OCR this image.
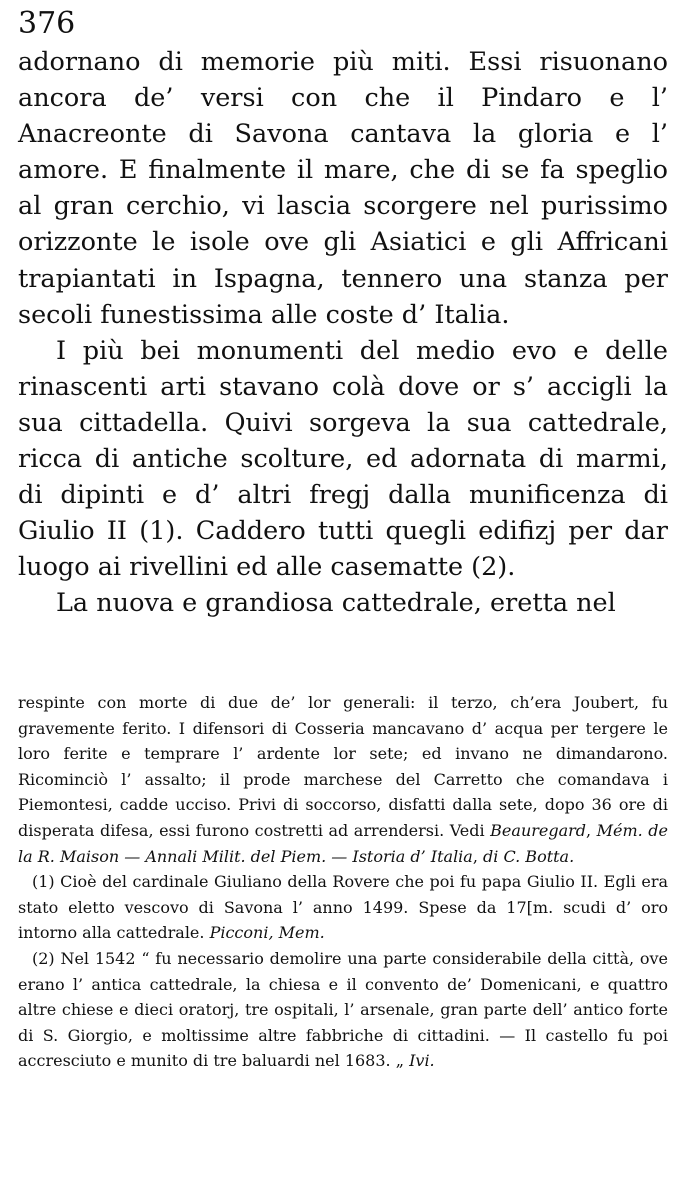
376

adornano di memorie più miti. Essi risuonano ancora de’ versi con che il Pindaro e l’ Anacreonte di Savona cantava la gloria e l’ amore. E finalmente il mare, che di se fa speglio al gran cerchio, vi lascia scorgere nel purissimo orizzonte le isole ove gli Asiatici e gli Affricani trapiantati in Ispagna, tennero una stanza per secoli funestissima alle coste d’ Italia.

I più bei monumenti del medio evo e delle rinascenti arti stavano colà dove or s’ accigli la sua cittadella. Quivi sorgeva la sua cattedrale, ricca di antiche scolture, ed adornata di marmi, di dipinti e d’ altri fregj dalla munificenza di Giulio II (1). Caddero tutti quegli edifizj per dar luogo ai rivellini ed alle casematte (2).

La nuova e grandiosa cattedrale, eretta nel

respinte con morte di due de’ lor generali: il terzo, ch’era Joubert, fu gravemente ferito. I difensori di Cosseria mancavano d’ acqua per tergere le loro ferite e temprare l’ ardente lor sete; ed invano ne dimandarono. Ricominciò l’ assalto; il prode marchese del Carretto che comandava i Piemontesi, cadde ucciso. Privi di soccorso, disfatti dalla sete, dopo 36 ore di disperata difesa, essi furono costretti ad arrendersi. Vedi Beauregard, Mém. de la R. Maison — Annali Milit. del Piem. — Istoria d’ Italia, di C. Botta.

(1) Cioè del cardinale Giuliano della Rovere che poi fu papa Giulio II. Egli era stato eletto vescovo di Savona l’ anno 1499. Spese da 17[m. scudi d’ oro intorno alla cattedrale. Picconi, Mem.

(2) Nel 1542 “ fu necessario demolire una parte considerabile della città, ove erano l’ antica cattedrale, la chiesa e il convento de’ Domenicani, e quattro altre chiese e dieci oratorj, tre ospitali, l’ arsenale, gran parte dell’ antico forte di S. Giorgio, e moltissime altre fabbriche di cittadini. — Il castello fu poi accresciuto e munito di tre baluardi nel 1683. „ Ivi.
